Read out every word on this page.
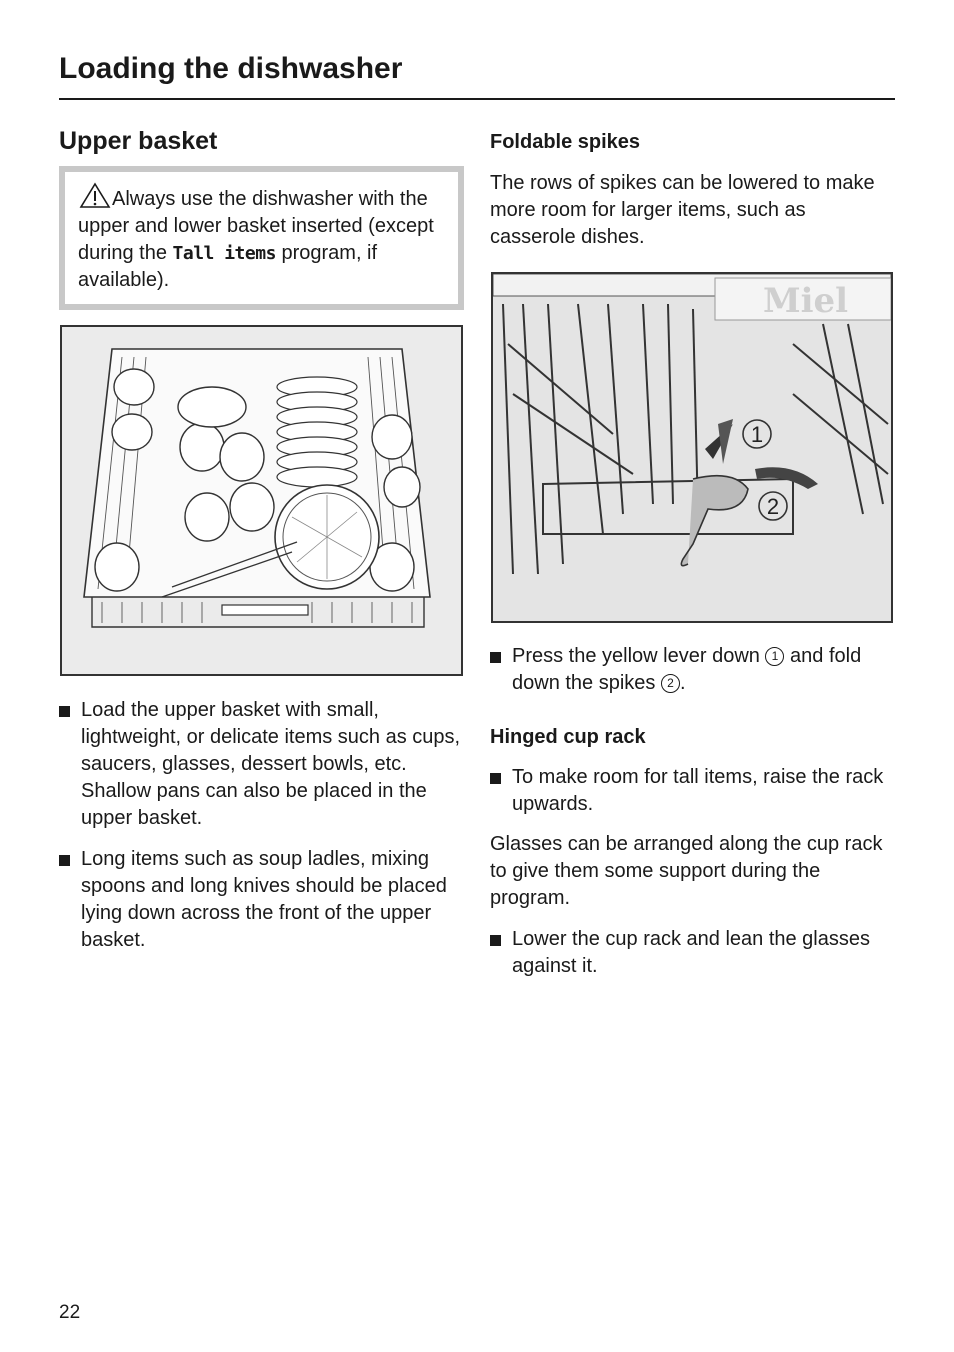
Loading the dishwasher
Upper basket
Always use the dishwasher with the upper and lower basket inserted (except during the Tall items program, if available).
Load the upper basket with small, lightweight, or delicate items such as cups, saucers, glasses, dessert bowls, etc.
Shallow pans can also be placed in the upper basket.
Long items such as soup ladles, mixing spoons and long knives should be placed lying down across the front of the upper basket.
Foldable spikes

The rows of spikes can be lowered to make more room for larger items, such as casserole dishes.

Miel
1
2
Press the yellow lever down 1 and fold down the spikes 2 .
Hinged cup rack
To make room for tall items, raise the rack upwards.

Glasses can be arranged along the cup rack to give them some support during the program.

Lower the cup rack and lean the glasses against it.
22
